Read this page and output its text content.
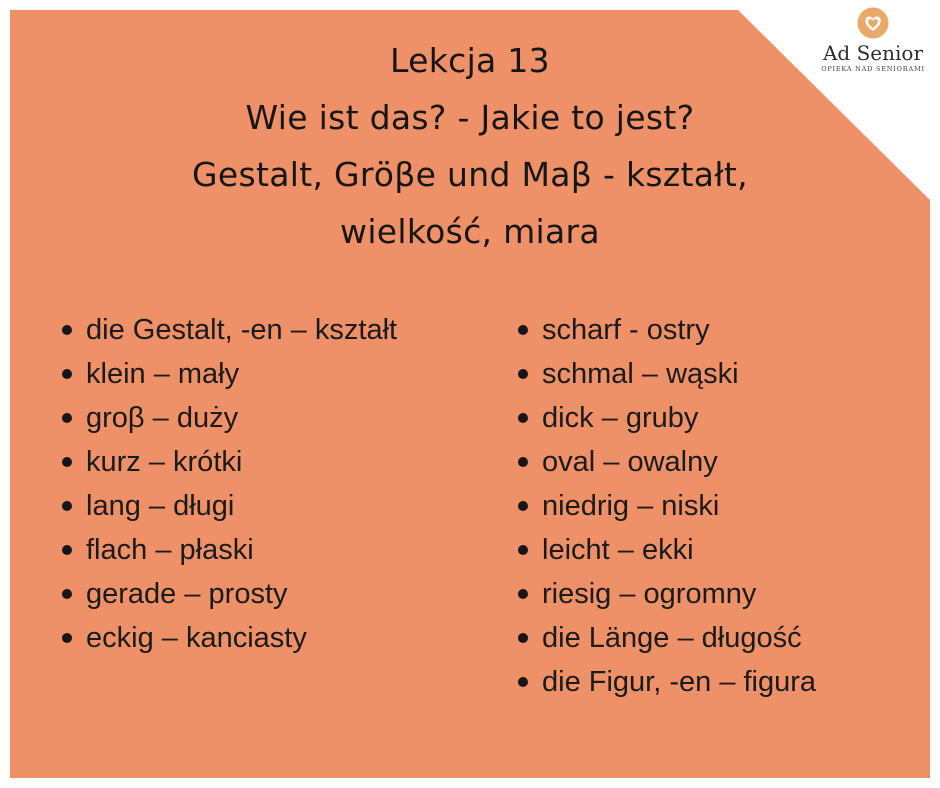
Lekcja 13
Wie ist das? - Jakie to jest?
Gestalt, Grӧβe und Maβ - kształt,
wielkość, miara
die Gestalt, -en – kształt
klein – mały
groβ – duży
kurz – krótki
lang – długi
flach – płaski
gerade – prosty
eckig – kanciasty
scharf - ostry
schmal – wąski
dick – gruby
oval – owalny
niedrig – niski
leicht – ekki
riesig – ogromny
die Länge – długość
die Figur, -en – figura
Ad Senior
OPIEKA NAD SENIORAMI
